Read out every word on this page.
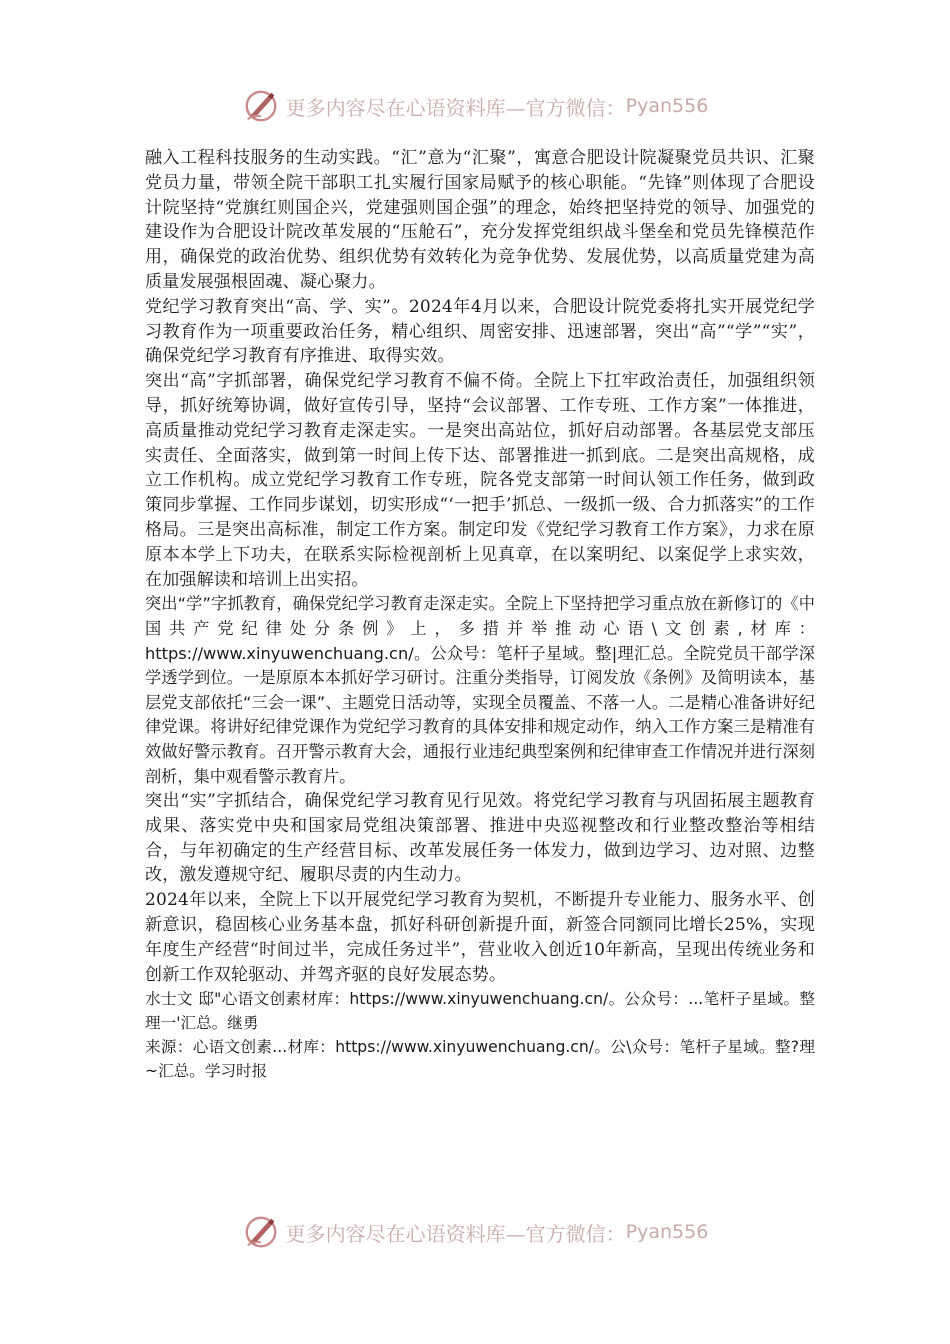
更多内容尽在心语资料库—官方微信： Pyan556

融入工程科技服务的生动实践。“汇”意为“汇聚”，寓意合肥设计院凝聚党员共识、汇聚党员力量，带领全院干部职工扎实履行国家局赋予的核心职能。“先锋”则体现了合肥设计院坚持“党旗红则国企兴，党建强则国企强”的理念，始终把坚持党的领导、加强党的建设作为合肥设计院改革发展的“压舱石”，充分发挥党组织战斗堡垒和党员先锋模范作用，确保党的政治优势、组织优势有效转化为竞争优势、发展优势，以高质量党建为高质量发展强根固魂、凝心聚力。

党纪学习教育突出“高、学、实”。2024年4月以来，合肥设计院党委将扎实开展党纪学习教育作为一项重要政治任务，精心组织、周密安排、迅速部署，突出“高”“学”“实”，确保党纪学习教育有序推进、取得实效。

突出“高”字抓部署，确保党纪学习教育不偏不倚。全院上下扛牢政治责任，加强组织领导，抓好统筹协调，做好宣传引导，坚持“会议部署、工作专班、工作方案”一体推进，高质量推动党纪学习教育走深走实。一是突出高站位，抓好启动部署。各基层党支部压实责任、全面落实，做到第一时间上传下达、部署推进一抓到底。二是突出高规格，成立工作机构。成立党纪学习教育工作专班，院各党支部第一时间认领工作任务，做到政策同步掌握、工作同步谋划，切实形成“‘一把手’抓总、一级抓一级、合力抓落实”的工作格局。三是突出高标准，制定工作方案。制定印发《党纪学习教育工作方案》，力求在原原本本学上下功夫，在联系实际检视剖析上见真章，在以案明纪、以案促学上求实效，在加强解读和培训上出实招。

突出“学”字抓教育，确保党纪学习教育走深走实。全院上下坚持把学习重点放在新修订的《中国共产党纪律处分条例》上，多措并举推动心语\文创素,材库：https://www.xinyuwenchuang.cn/。公众号：笔杆子星域。整|理汇总。全院党员干部学深学透学到位。一是原原本本抓好学习研讨。注重分类指导，订阅发放《条例》及简明读本，基层党支部依托“三会一课”、主题党日活动等，实现全员覆盖、不落一人。二是精心准备讲好纪律党课。将讲好纪律党课作为党纪学习教育的具体安排和规定动作，纳入工作方案三是精准有效做好警示教育。召开警示教育大会，通报行业违纪典型案例和纪律审查工作情况并进行深刻剖析，集中观看警示教育片。

突出“实”字抓结合，确保党纪学习教育见行见效。将党纪学习教育与巩固拓展主题教育成果、落实党中央和国家局党组决策部署、推进中央巡视整改和行业整改整治等相结合，与年初确定的生产经营目标、改革发展任务一体发力，做到边学习、边对照、边整改，激发遵规守纪、履职尽责的内生动力。

2024年以来，全院上下以开展党纪学习教育为契机，不断提升专业能力、服务水平、创新意识，稳固核心业务基本盘，抓好科研创新提升面，新签合同额同比增长25%，实现年度生产经营“时间过半，完成任务过半”，营业收入创近10年新高，呈现出传统业务和创新工作双轮驱动、并驾齐驱的良好发展态势。

水士文 邸"心语文创素材库：https://www.xinyuwenchuang.cn/。公众号：...笔杆子星域。整理一'汇总。继勇

来源：心语文创素...材库：https://www.xinyuwenchuang.cn/。公\众号：笔杆子星域。整?理~汇总。学习时报

更多内容尽在心语资料库—官方微信： Pyan556
